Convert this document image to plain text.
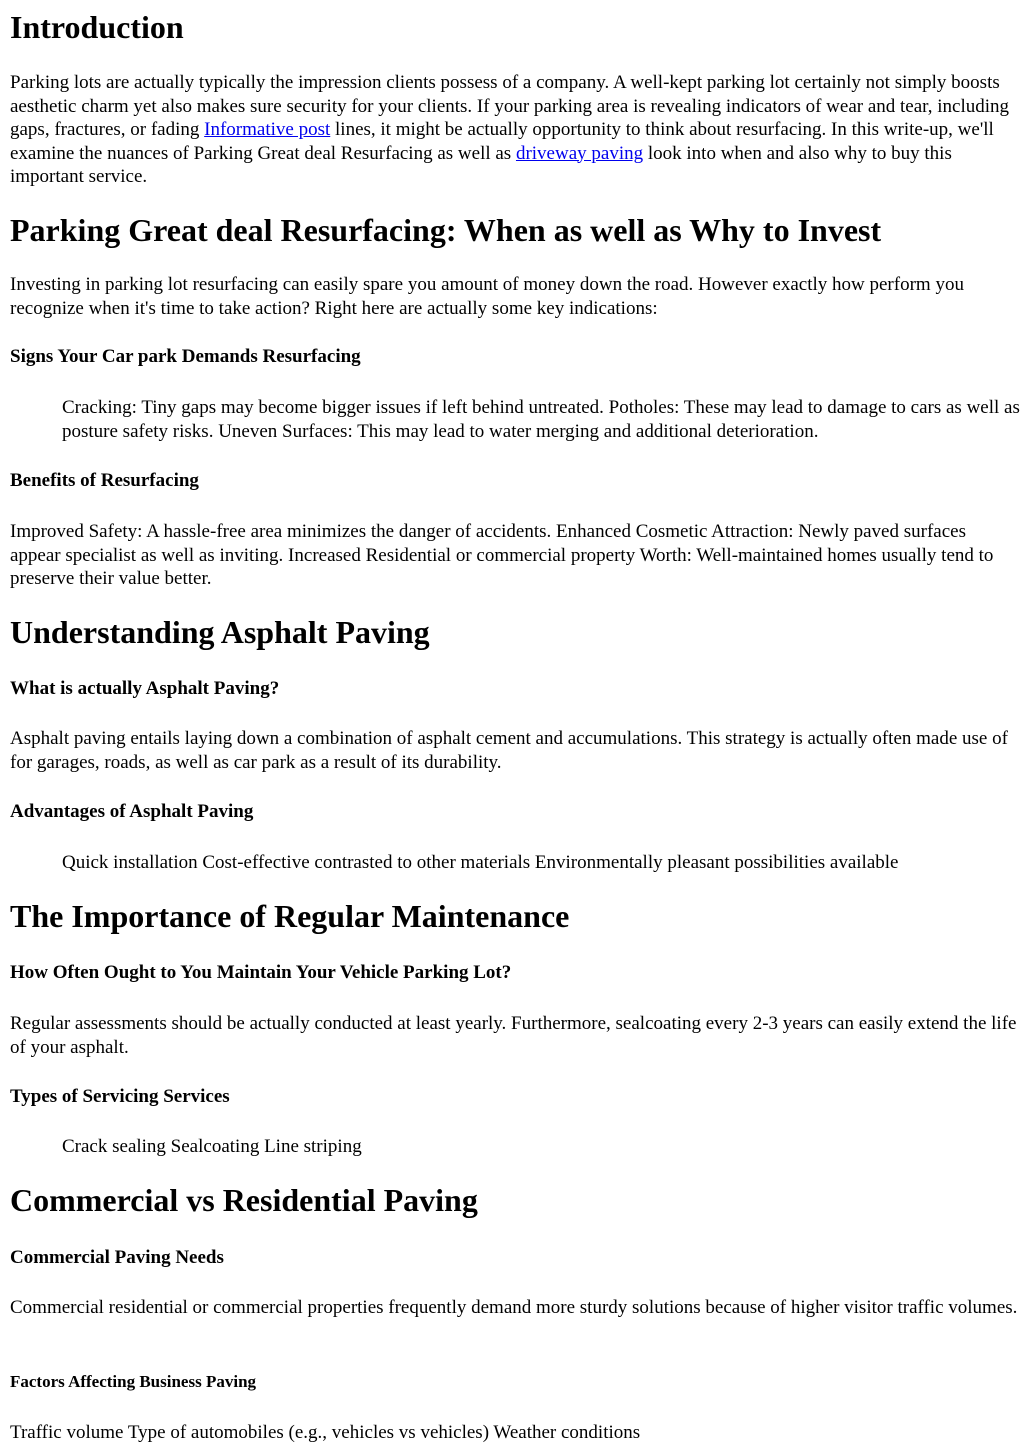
Introduction

Parking lots are actually typically the impression clients possess of a company. A well-kept parking lot certainly not simply boosts aesthetic charm yet also makes sure security for your clients. If your parking area is revealing indicators of wear and tear, including gaps, fractures, or fading Informative post lines, it might be actually opportunity to think about resurfacing. In this write-up, we'll examine the nuances of Parking Great deal Resurfacing as well as driveway paving look into when and also why to buy this important service.

Parking Great deal Resurfacing: When as well as Why to Invest

Investing in parking lot resurfacing can easily spare you amount of money down the road. However exactly how perform you recognize when it's time to take action? Right here are actually some key indications:

Signs Your Car park Demands Resurfacing

Cracking: Tiny gaps may become bigger issues if left behind untreated. Potholes: These may lead to damage to cars as well as posture safety risks. Uneven Surfaces: This may lead to water merging and additional deterioration.

Benefits of Resurfacing

Improved Safety: A hassle-free area minimizes the danger of accidents. Enhanced Cosmetic Attraction: Newly paved surfaces appear specialist as well as inviting. Increased Residential or commercial property Worth: Well-maintained homes usually tend to preserve their value better.

Understanding Asphalt Paving
What is actually Asphalt Paving?

Asphalt paving entails laying down a combination of asphalt cement and accumulations. This strategy is actually often made use of for garages, roads, as well as car park as a result of its durability.

Advantages of Asphalt Paving

Quick installation Cost-effective contrasted to other materials Environmentally pleasant possibilities available

The Importance of Regular Maintenance
How Often Ought to You Maintain Your Vehicle Parking Lot?

Regular assessments should be actually conducted at least yearly. Furthermore, sealcoating every 2-3 years can easily extend the life of your asphalt.

Types of Servicing Services

Crack sealing Sealcoating Line striping

Commercial vs Residential Paving
Commercial Paving Needs

Commercial residential or commercial properties frequently demand more sturdy solutions because of higher visitor traffic volumes.

Factors Affecting Business Paving

Traffic volume Type of automobiles (e.g., vehicles vs vehicles) Weather conditions
